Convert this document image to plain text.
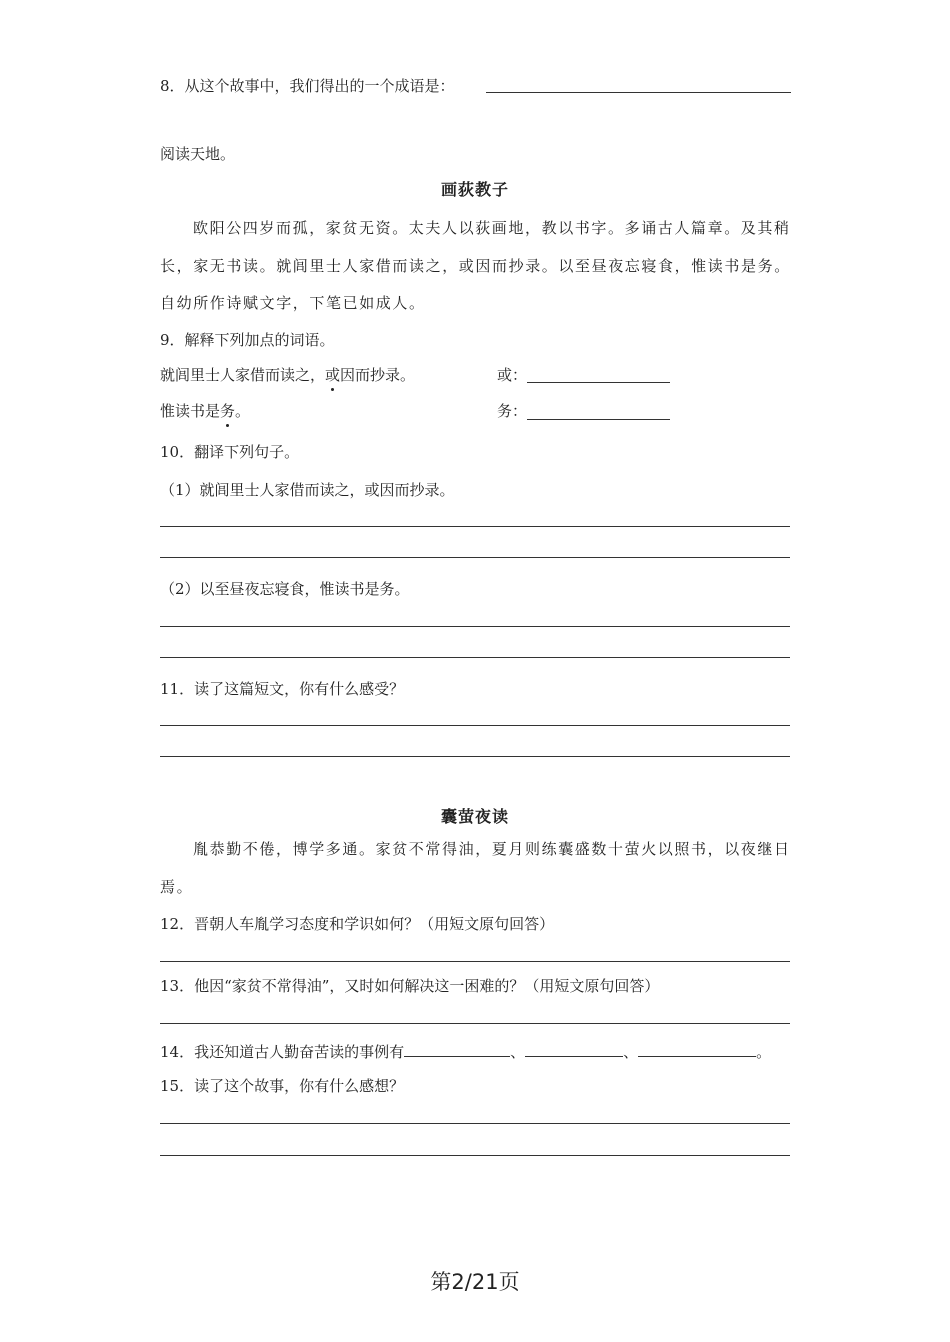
8．从这个故事中，我们得出的一个成语是：
阅读天地。
画荻教子
欧阳公四岁而孤，家贫无资。太夫人以荻画地，教以书字。多诵古人篇章。及其稍
长，家无书读。就闾里士人家借而读之，或因而抄录。以至昼夜忘寝食，惟读书是务。
自幼所作诗赋文字，下笔已如成人。
9．解释下列加点的词语。
就闾里士人家借而读之，或因而抄录。	或：
惟读书是务。	务：
10．翻译下列句子。
（1）就闾里士人家借而读之，或因而抄录。
（2）以至昼夜忘寝食，惟读书是务。
11．读了这篇短文，你有什么感受？
囊萤夜读
胤恭勤不倦，博学多通。家贫不常得油，夏月则练囊盛数十萤火以照书，以夜继日
焉。
12．晋朝人车胤学习态度和学识如何？（用短文原句回答）
13．他因“家贫不常得油”，又时如何解决这一困难的？（用短文原句回答）
14．我还知道古人勤奋苦读的事例有	、	、	。
15．读了这个故事，你有什么感想？
第2/21页
